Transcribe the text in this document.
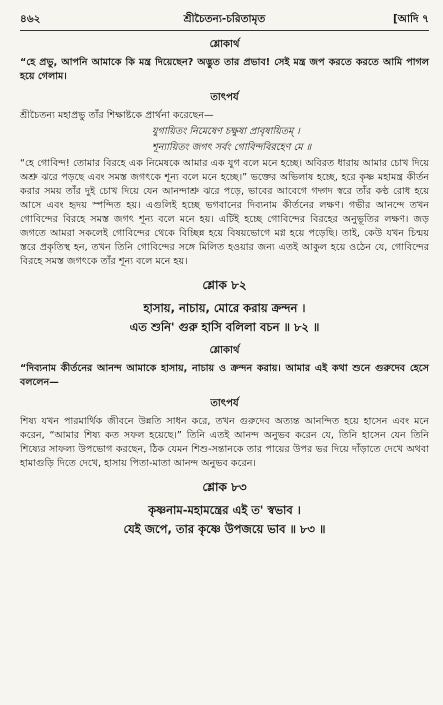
৪৬২	শ্রীচৈতন্য-চরিতামৃত	[আদি ৭
শ্লোকার্থ

“হে প্রভু, আপনি আমাকে কি মন্ত্র দিয়েছেন? অদ্ভুত তার প্রভাব! সেই মন্ত্র জপ করতে করতে আমি পাগল হয়ে গেলাম।

তাৎপর্য

শ্রীচৈতন্য মহাপ্রভু তাঁর শিক্ষাষ্টকে প্রার্থনা করেছেন—

যুগায়িতং নিমেষেণ চক্ষুষা প্রাবৃষায়িতম্ ।
শূন্যায়িতং জগৎ সর্বং গোবিন্দবিরহেণ মে ॥

“হে গোবিন্দ! তোমার বিরহে এক নিমেষকে আমার এক যুগ বলে মনে হচ্ছে। অবিরত ধারায় আমার চোখ দিয়ে অশ্রু ঝরে পড়ছে এবং সমস্ত জগৎকে শূন্য বলে মনে হচ্ছে।” ভক্তের অভিলাষ হচ্ছে, হরে কৃষ্ণ মহামন্ত্র কীর্তন করার সময় তাঁর দুই চোখ দিয়ে যেন আনন্দাশ্রু ঝরে পড়ে, ভাবের আবেগে গদ্গদ স্বরে তাঁর কণ্ঠ রোধ হয়ে আসে এবং হৃদয় স্পন্দিত হয়। এগুলিই হচ্ছে ভগবানের দিব্যনাম কীর্তনের লক্ষণ। গভীর আনন্দে তখন গোবিন্দের বিরহে সমস্ত জগৎ শূন্য বলে মনে হয়। এটিই হচ্ছে গোবিন্দের বিরহের অনুভূতির লক্ষণ। জড় জগতে আমরা সকলেই গোবিন্দের থেকে বিচ্ছিন্ন হয়ে বিষয়ভোগে মগ্ন হয়ে পড়েছি। তাই, কেউ যখন চিন্ময় স্তরে প্রকৃতিস্থ হন, তখন তিনি গোবিন্দের সঙ্গে মিলিত হওয়ার জন্য এতই আকুল হয়ে ওঠেন যে, গোবিন্দের বিরহে সমস্ত জগৎকে তাঁর শূন্য বলে মনে হয়।

শ্লোক ৮২

হাসায়, নাচায়, মোরে করায় ক্রন্দন ।

এত শুনি' গুরু হাসি বলিলা বচন ॥ ৮২ ॥

শ্লোকার্থ

“দিব্যনাম কীর্তনের আনন্দ আমাকে হাসায়, নাচায় ও ক্রন্দন করায়। আমার এই কথা শুনে গুরুদেব হেসে বললেন—

তাৎপর্য

শিষ্য যখন পারমার্থিক জীবনে উন্নতি সাধন করে, তখন গুরুদেব অত্যন্ত আনন্দিত হয়ে হাসেন এবং মনে করেন, “আমার শিষ্য কত সফল হয়েছে।” তিনি এতই আনন্দ অনুভব করেন যে, তিনি হাসেন যেন তিনি শিষ্যের সাফল্য উপভোগ করছেন, ঠিক যেমন শিশু-সন্তানকে তার পায়ের উপর ভর দিয়ে দাঁড়াতে দেখে অথবা হামাগুড়ি দিতে দেখে, হাসায় পিতা-মাতা আনন্দ অনুভব করেন।

শ্লোক ৮৩

কৃষ্ণনাম-মহামন্ত্রের এই ত' স্বভাব ।

যেই জপে, তার কৃষ্ণে উপজয়ে ভাব ॥ ৮৩ ॥
